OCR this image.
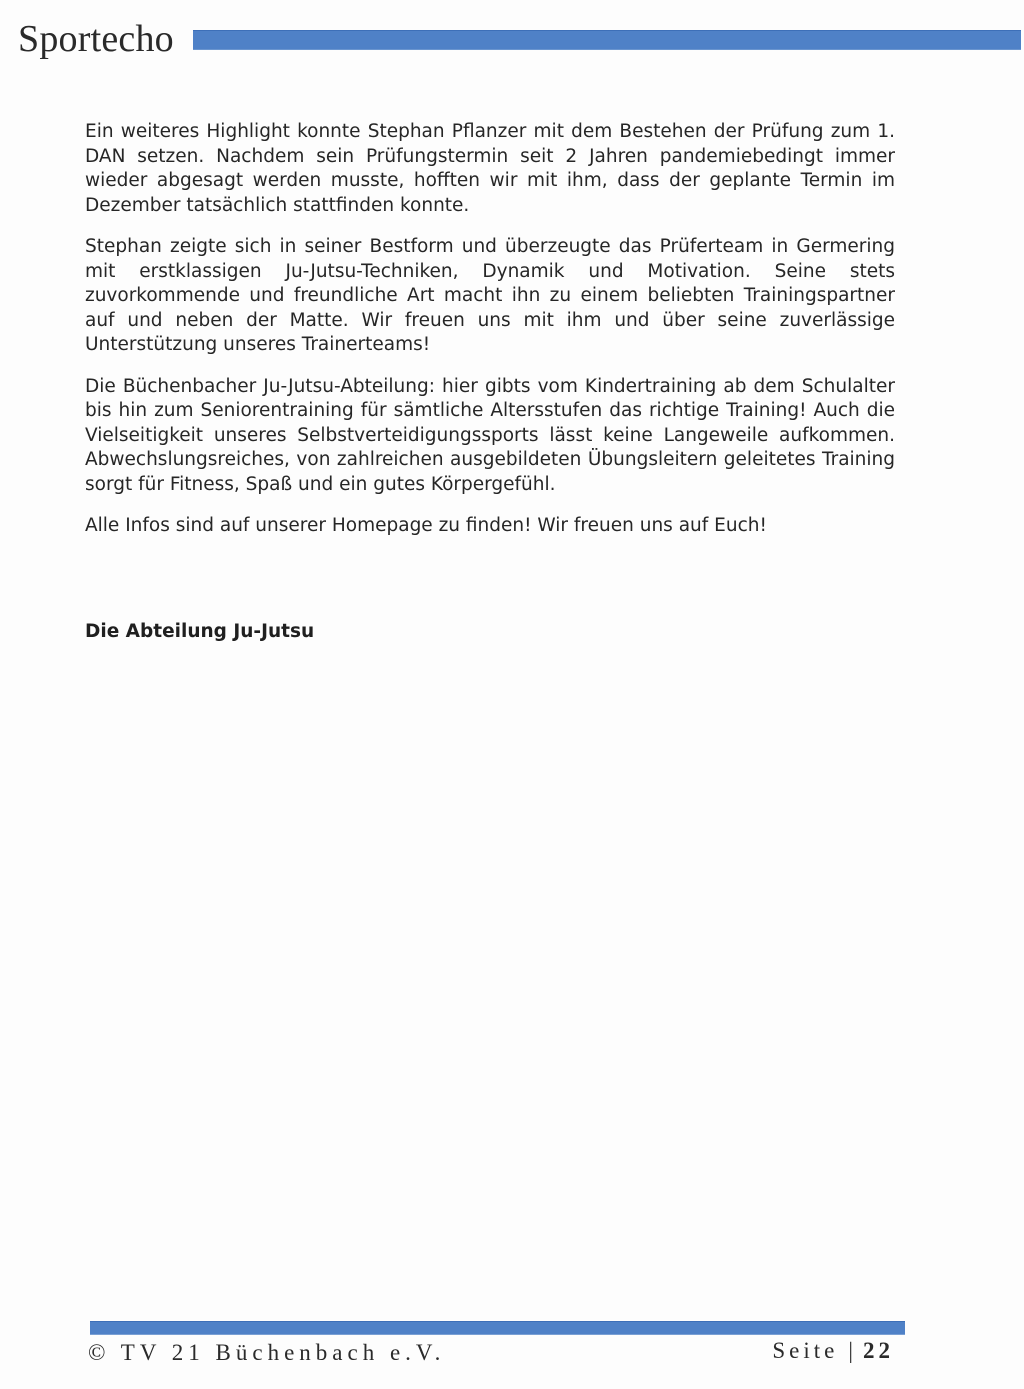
Sportecho

Ein weiteres Highlight konnte Stephan Pflanzer mit dem Bestehen der Prüfung zum 1. DAN setzen. Nachdem sein Prüfungstermin seit 2 Jahren pandemiebedingt immer wieder abgesagt werden musste, hofften wir mit ihm, dass der geplante Termin im Dezember tatsächlich stattfinden konnte.

Stephan zeigte sich in seiner Bestform und überzeugte das Prüferteam in Germering mit erstklassigen Ju-Jutsu-Techniken, Dynamik und Motivation. Seine stets zuvorkommende und freundliche Art macht ihn zu einem beliebten Trainingspartner auf und neben der Matte. Wir freuen uns mit ihm und über seine zuverlässige Unterstützung unseres Trainerteams!

Die Büchenbacher Ju-Jutsu-Abteilung: hier gibts vom Kindertraining ab dem Schulalter bis hin zum Seniorentraining für sämtliche Altersstufen das richtige Training! Auch die Vielseitigkeit unseres Selbstverteidigungssports lässt keine Langeweile aufkommen. Abwechslungsreiches, von zahlreichen ausgebildeten Übungsleitern geleitetes Training sorgt für Fitness, Spaß und ein gutes Körpergefühl.

Alle Infos sind auf unserer Homepage zu finden! Wir freuen uns auf Euch!

Die Abteilung Ju-Jutsu
© TV 21 Büchenbach e.V.	Seite | 22
